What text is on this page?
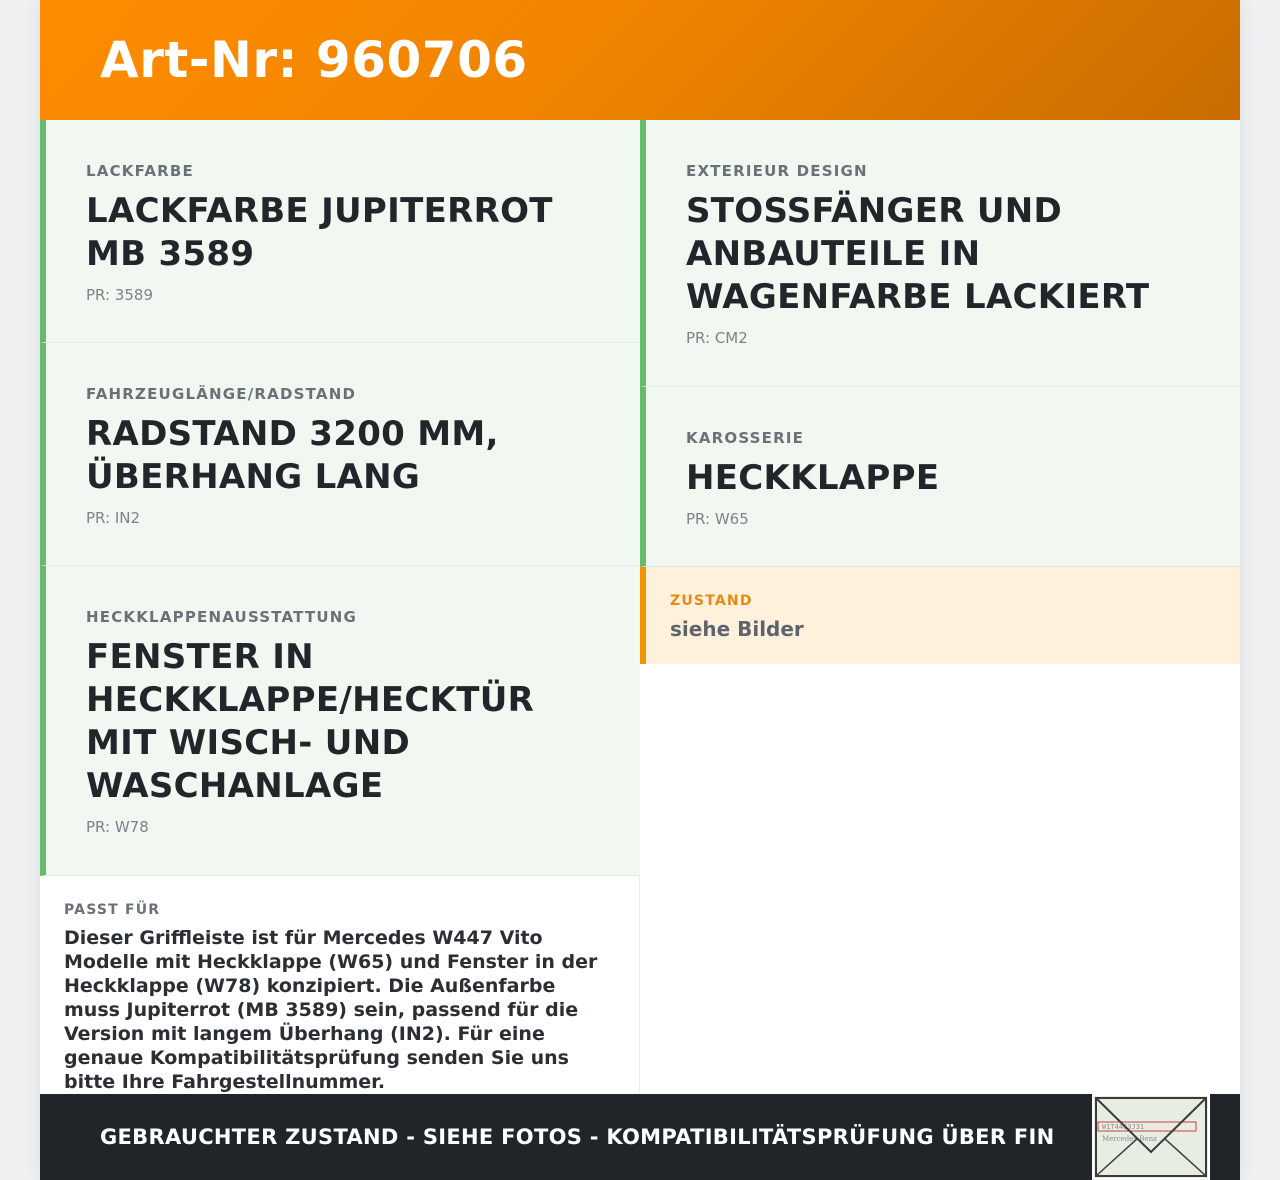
Art-Nr: 960706
LACKFARBE
LACKFARBE JUPITERROT MB 3589
PR: 3589
FAHRZEUGLÄNGE/RADSTAND
RADSTAND 3200 MM, ÜBERHANG LANG
PR: IN2
HECKKLAPPENAUSSTATTUNG
FENSTER IN HECKKLAPPE/HECKTÜR MIT WISCH- UND WASCHANLAGE
PR: W78
PASST FÜR
Dieser Griffleiste ist für Mercedes W447 Vito Modelle mit Heckklappe (W65) und Fenster in der Heckklappe (W78) konzipiert. Die Außenfarbe muss Jupiterrot (MB 3589) sein, passend für die Version mit langem Überhang (IN2). Für eine genaue Kompatibilitätsprüfung senden Sie uns bitte Ihre Fahrgestellnummer.
EXTERIEUR DESIGN
STOSSFÄNGER UND ANBAUTEILE IN WAGENFARBE LACKIERT
PR: CM2
KAROSSERIE
HECKKLAPPE
PR: W65
ZUSTAND
siehe Bilder
GEBRAUCHTER ZUSTAND - SIEHE FOTOS - KOMPATIBILITÄTSPRÜFUNG ÜBER FIN	W1T4463J31
Mercedes-Benz
